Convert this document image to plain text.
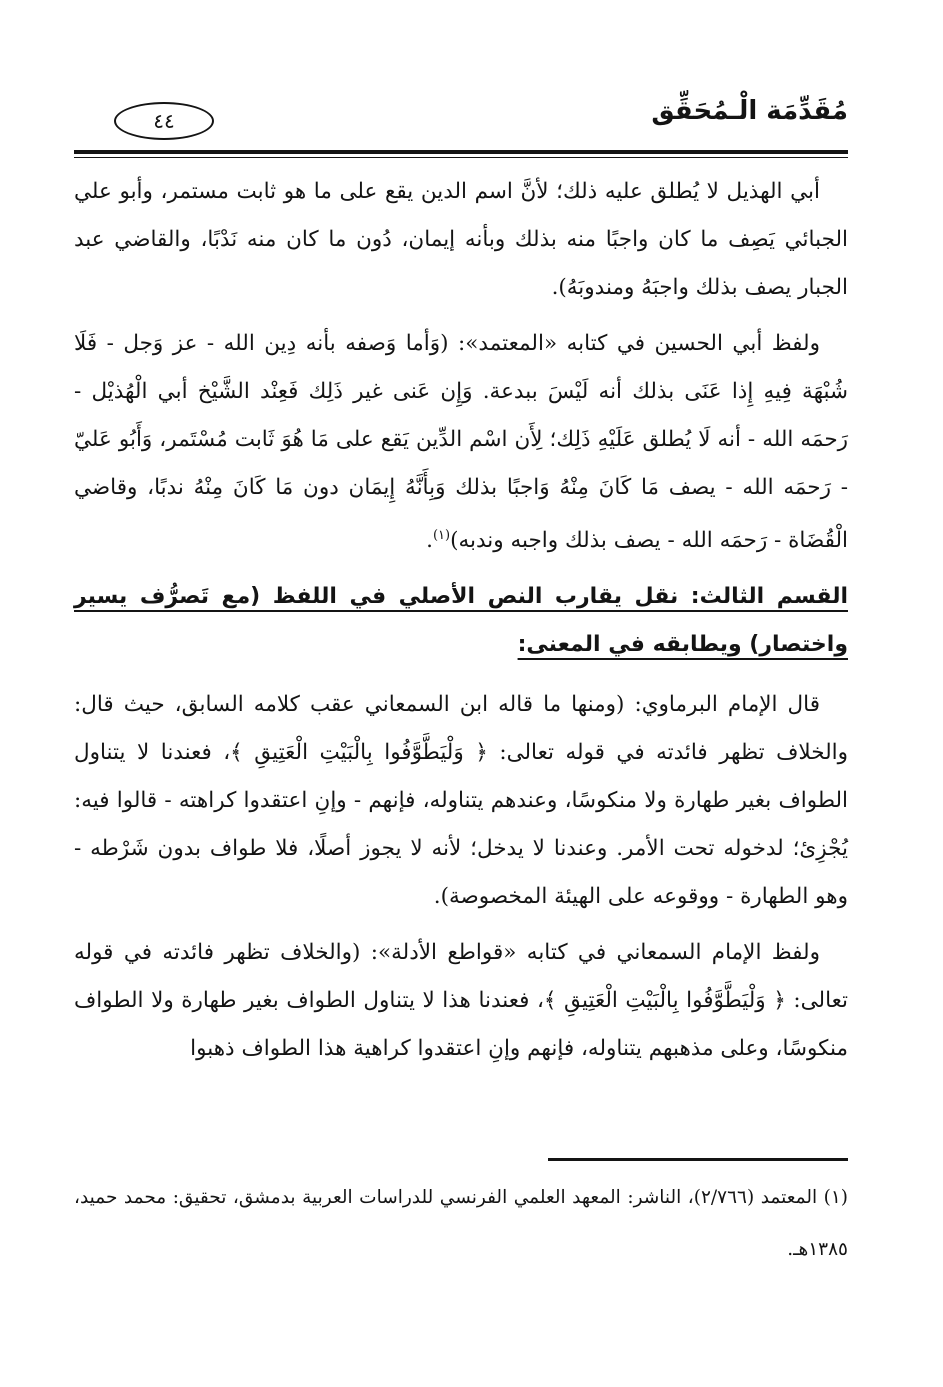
مُقَدِّمَة الْـمُحَقِّق
٤٤

أبي الهذيل لا يُطلق عليه ذلك؛ لأنَّ اسم الدين يقع على ما هو ثابت مستمر، وأبو علي الجبائي يَصِف ما كان واجبًا منه بذلك وبأنه إيمان، دُون ما كان منه نَدْبًا، والقاضي عبد الجبار يصف بذلك واجبَهُ ومندوبَهُ).

ولفظ أبي الحسين في كتابه «المعتمد»: (وَأما وَصفه بأنه دِين الله - عز وَجل - فَلَا شُبْهَة فِيهِ إِذا عَنَى بذلك أنه لَيْسَ ببدعة. وَإِن عَنى غير ذَلِك فَعِنْد الشَّيْخ أبي الْهُذيْل - رَحمَه الله - أنه لَا يُطلق عَلَيْهِ ذَلِك؛ لِأَن اسْم الدِّين يَقع على مَا هُوَ ثَابت مُسْتَمر، وَأَبُو عَليّ - رَحمَه الله - يصف مَا كَانَ مِنْهُ وَاجبًا بذلك وَبِأَنَّهُ إِيمَان دون مَا كَانَ مِنْهُ ندبًا، وقاضي الْقُضَاة - رَحمَه الله - يصف بذلك واجبه وندبه)$^{(١)}$.

القسم الثالث: نقل يقارب النص الأصلي في اللفظ (مع تَصرُّف يسير واختصار) ويطابقه في المعنى:

قال الإمام البرماوي: (ومنها ما قاله ابن السمعاني عقب كلامه السابق، حيث قال: والخلاف تظهر فائدته في قوله تعالى: ﴿ وَلْيَطَّوَّفُوا بِالْبَيْتِ الْعَتِيقِ ﴾، فعندنا لا يتناول الطواف بغير طهارة ولا منكوسًا، وعندهم يتناوله، فإنهم - وإنِ اعتقدوا كراهته - قالوا فيه: يُجْزِئ؛ لدخوله تحت الأمر. وعندنا لا يدخل؛ لأنه لا يجوز أصلًا، فلا طواف بدون شَرْطه - وهو الطهارة - ووقوعه على الهيئة المخصوصة).

ولفظ الإمام السمعاني في كتابه «قواطع الأدلة»: (والخلاف تظهر فائدته في قوله تعالى: ﴿ وَلْيَطَّوَّفُوا بِالْبَيْتِ الْعَتِيقِ ﴾، فعندنا هذا لا يتناول الطواف بغير طهارة ولا الطواف منكوسًا، وعلى مذهبهم يتناوله، فإنهم وإنِ اعتقدوا كراهية هذا الطواف ذهبوا

(١) المعتمد (٢/٧٦٦)، الناشر: المعهد العلمي الفرنسي للدراسات العربية بدمشق، تحقيق: محمد حميد، ١٣٨٥هـ.
